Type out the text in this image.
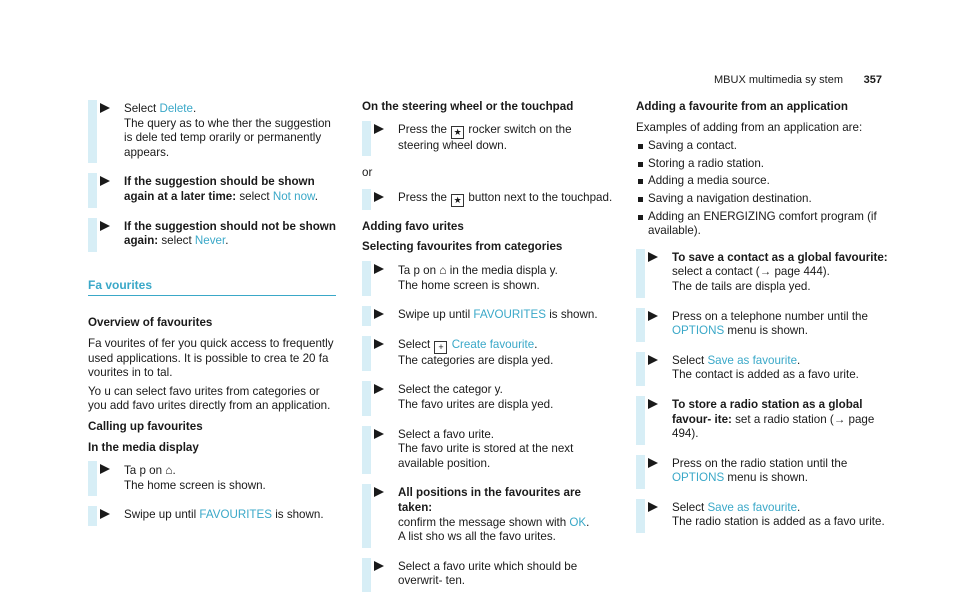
MBUX multimedia sy stem 357
Select Delete.
The query as to whe ther the suggestion is dele ted temp orarily or permanently appears.
If the suggestion should be shown again at a later time: select Not now.
If the suggestion should not be shown again: select Never.
Fa vourites
Overview of favourites
Fa vourites of fer you quick access to frequently used applications. It is possible to crea te 20 fa vourites in to tal.
Yo u can select favo urites from categories or you add favo urites directly from an application.
Calling up favourites
In the media display
Ta p on ⌂.
The home screen is shown.
Swipe up until FAVOURITES is shown.
On the steering wheel or the touchpad
Press the ★ rocker switch on the steering wheel down.
or
Press the ★ button next to the touchpad.
Adding favo urites
Selecting favourites from categories
Ta p on ⌂ in the media displa y.
The home screen is shown.
Swipe up until FAVOURITES is shown.
Select + Create favourite.
The categories are displa yed.
Select the categor y.
The favo urites are displa yed.
Select a favo urite.
The favo urite is stored at the next available position.
All positions in the favourites are taken:
confirm the message shown with OK.
A list sho ws all the favo urites.
Select a favo urite which should be overwrit‐ ten.
Adding a favourite from an application
Examples of adding from an application are:
Saving a contact.
Storing a radio station.
Adding a media source.
Saving a navigation destination.
Adding an ENERGIZING comfort program (if available).
To save a contact as a global favourite:
select a contact (→ page 444).
The de tails are displa yed.
Press on a telephone number until the OPTIONS menu is shown.
Select Save as favourite.
The contact is added as a favo urite.
To store a radio station as a global favour‐ ite: set a radio station (→ page 494).
Press on the radio station until the OPTIONS menu is shown.
Select Save as favourite.
The radio station is added as a favo urite.
